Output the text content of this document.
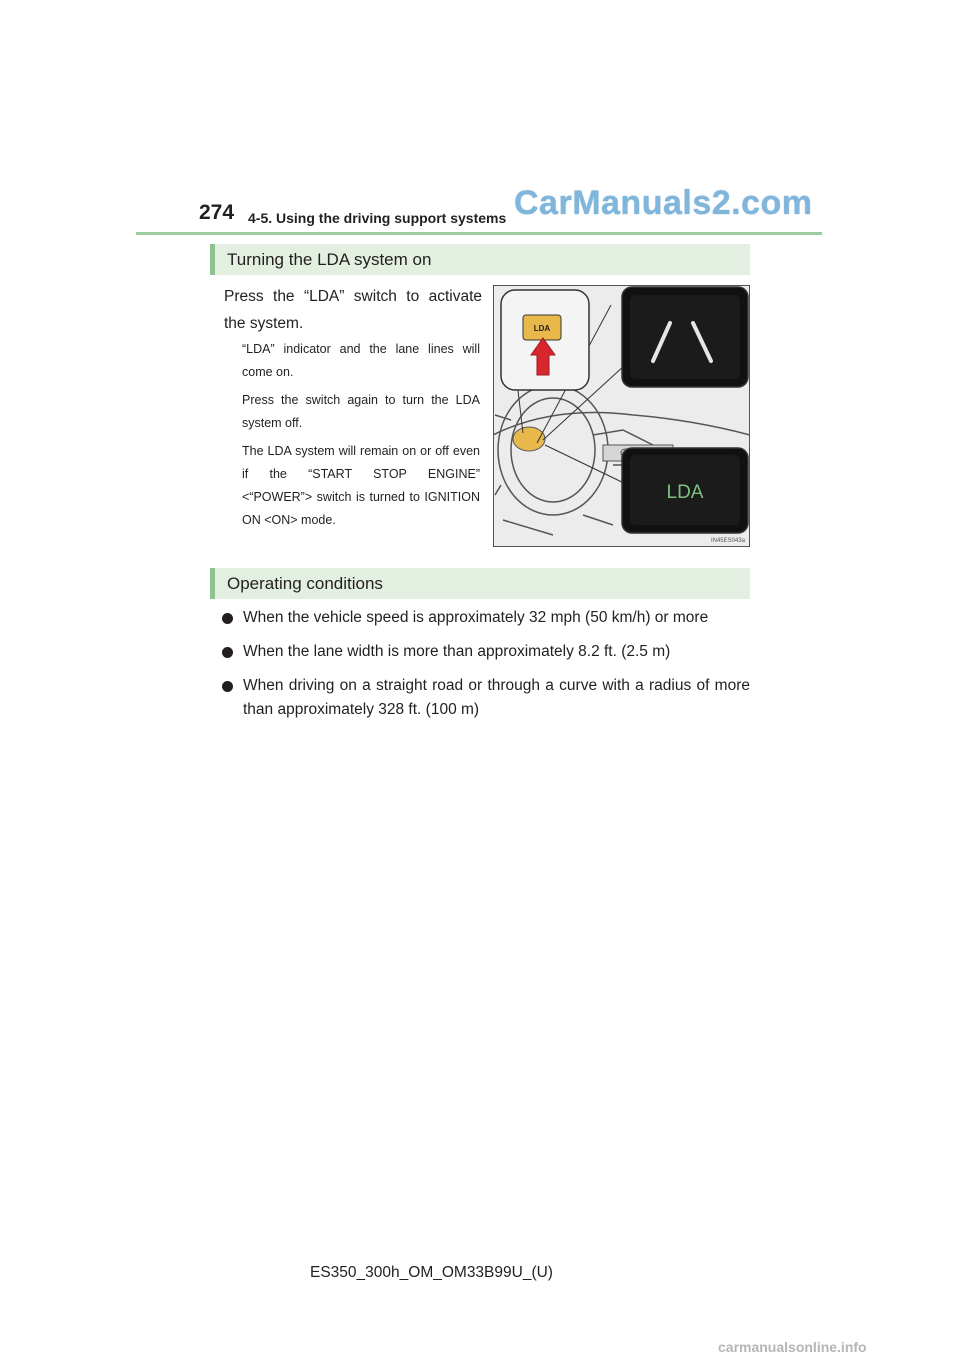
274 4-5. Using the driving support systems CarManuals2.com
Turning the LDA system on
Press the “LDA” switch to activate the system.
“LDA” indicator and the lane lines will come on.
Press the switch again to turn the LDA system off.
The LDA system will remain on or off even if the “START STOP ENGINE” <“POWER”> switch is turned to IGNITION ON <ON> mode.
LDA
LDA
IN45ES043a
Operating conditions
When the vehicle speed is approximately 32 mph (50 km/h) or more
When the lane width is more than approximately 8.2 ft. (2.5 m)
When driving on a straight road or through a curve with a radius of more than approximately 328 ft. (100 m)
ES350_300h_OM_OM33B99U_(U)
carmanualsonline.info
